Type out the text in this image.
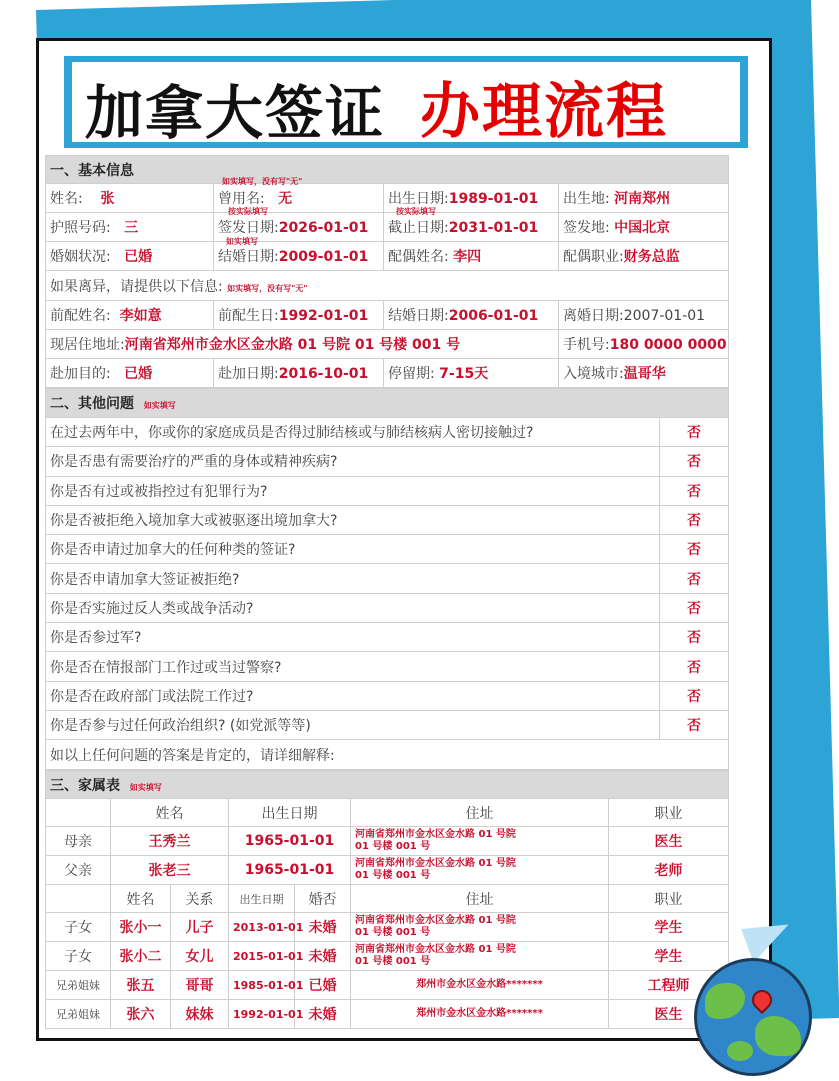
加拿大签证 办理流程
一、基本信息			
姓名: 张	曾用名: 无	出生日期:1989-01-01	出生地: 河南郑州
护照号码: 三	签发日期:2026-01-01	截止日期:2031-01-01	签发地: 中国北京
婚姻状况: 已婚	结婚日期:2009-01-01	配偶姓名: 李四	配偶职业:财务总监
如果离异，请提供以下信息: 如实填写，没有写"无"			
前配姓名: 李如意	前配生日:1992-01-01	结婚日期:2006-01-01	离婚日期:2007-01-01
现居住地址:河南省郑州市金水区金水路 01 号院 01 号楼 001 号			手机号:180 0000 0000
赴加目的: 已婚	赴加日期:2016-10-01	停留期: 7-15天	入境城市:温哥华
如实填写，没有写"无"
按实际填写	按实际填写
如实填写
二、其他问题 如实填写	
在过去两年中，你或你的家庭成员是否得过肺结核或与肺结核病人密切接触过?	否
你是否患有需要治疗的严重的身体或精神疾病?	否
你是否有过或被指控过有犯罪行为?	否
你是否被拒绝入境加拿大或被驱逐出境加拿大?	否
你是否申请过加拿大的任何种类的签证?	否
你是否申请加拿大签证被拒绝?	否
你是否实施过反人类或战争活动?	否
你是否参过军?	否
你是否在情报部门工作过或当过警察?	否
你是否在政府部门或法院工作过?	否
你是否参与过任何政治组织? (如党派等等)	否
如以上任何问题的答案是肯定的，请详细解释:	
三、家属表 如实填写						
	姓名		出生日期		住址	职业
母亲	王秀兰		1965-01-01		河南省郑州市金水区金水路 01 号院
01 号楼 001 号	医生
父亲	张老三		1965-01-01		河南省郑州市金水区金水路 01 号院
01 号楼 001 号	老师
	姓名	关系	出生日期	婚否	住址	职业
子女	张小一	儿子	2013-01-01	未婚	河南省郑州市金水区金水路 01 号院
01 号楼 001 号	学生
子女	张小二	女儿	2015-01-01	未婚	河南省郑州市金水区金水路 01 号院
01 号楼 001 号	学生
兄弟姐妹	张五	哥哥	1985-01-01	已婚	郑州市金水区金水路*******	工程师
兄弟姐妹	张六	妹妹	1992-01-01	未婚	郑州市金水区金水路*******	医生
